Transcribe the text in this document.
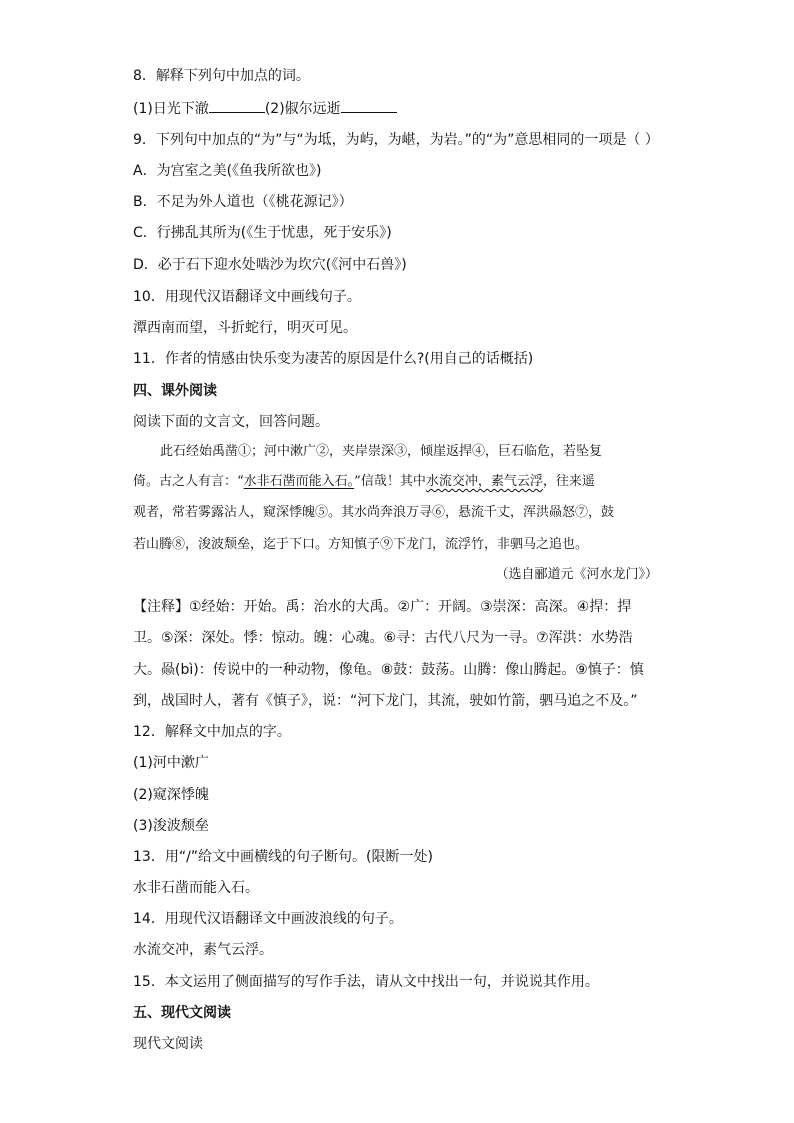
8．解释下列句中加点的词。
(1)日光下澈	(2)俶尔远逝
9．下列句中加点的“为”与“为坻，为屿，为嵁，为岩。”的“为”意思相同的一项是（ ）
A．为宫室之美(《鱼我所欲也》)
B．不足为外人道也（《桃花源记》）
C．行拂乱其所为(《生于忧患，死于安乐》)
D．必于石下迎水处啮沙为坎穴(《河中石兽》)
10．用现代汉语翻译文中画线句子。
潭西南而望，斗折蛇行，明灭可见。
11．作者的情感由快乐变为凄苦的原因是什么?(用自己的话概括)
四、课外阅读
阅读下面的文言文，回答问题。
此石经始禹凿①；河中漱广②，夹岸崇深③，倾崖返捍④，巨石临危，若坠复
倚。古之人有言：“水非石凿而能入石。”信哉！其中水流交冲，素气云浮，往来遥
观者，常若雾露沾人，窥深悸魄⑤。其水尚奔浪万寻⑥，悬流千丈，浑洪赑怒⑦，鼓
若山腾⑧，浚波颓垒，迄于下口。方知慎子⑨下龙门，流浮竹，非驷马之追也。
（选自郦道元《河水龙门》）
【注释】①经始：开始。禹：治水的大禹。②广：开阔。③崇深：高深。④捍：捍
卫。⑤深：深处。悸：惊动。魄：心魂。⑥寻：古代八尺为一寻。⑦浑洪：水势浩
大。赑(bì)：传说中的一种动物，像龟。⑧鼓：鼓荡。山腾：像山腾起。⑨慎子：慎
到，战国时人，著有《慎子》，说：“河下龙门，其流，驶如竹箭，驷马追之不及。”
12．解释文中加点的字。
(1)河中漱广
(2)窥深悸魄
(3)浚波颓垒
13．用“/”给文中画横线的句子断句。(限断一处)
水非石凿而能入石。
14．用现代汉语翻译文中画波浪线的句子。
水流交冲，素气云浮。
15．本文运用了侧面描写的写作手法，请从文中找出一句，并说说其作用。
五、现代文阅读
现代文阅读
